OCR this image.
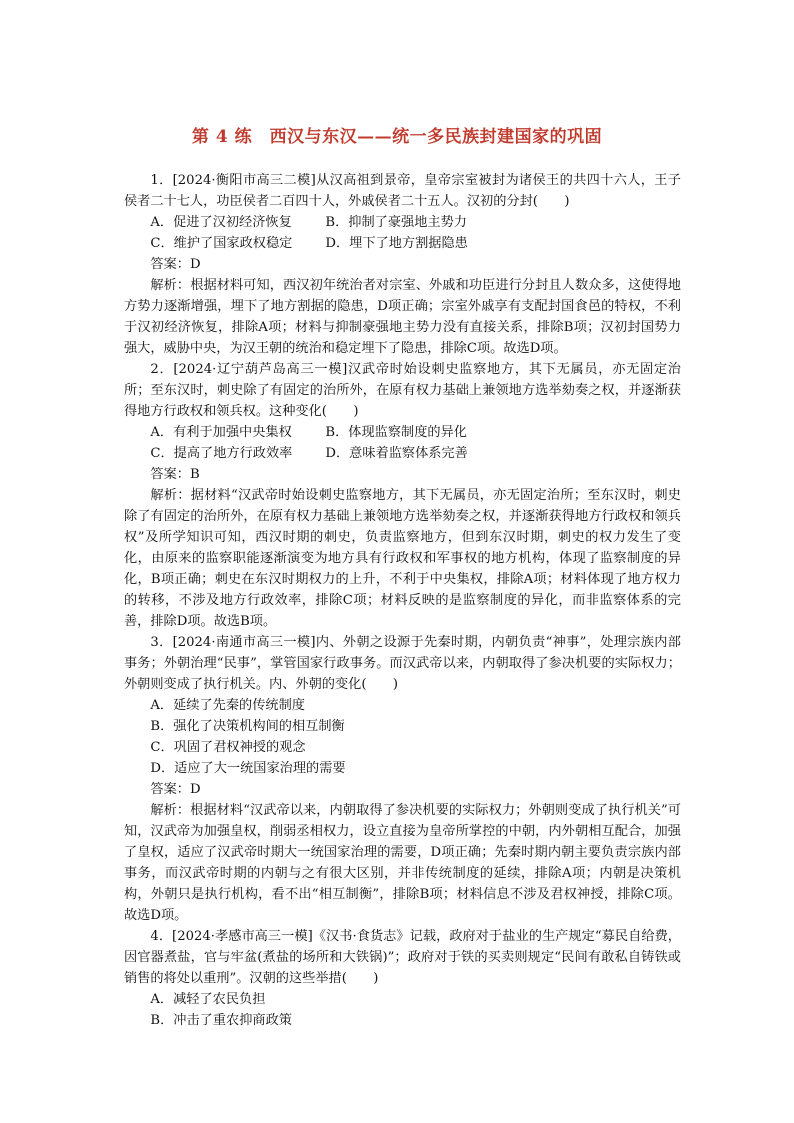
第 4 练　西汉与东汉——统一多民族封建国家的巩固

1．[2024·衡阳市高三二模]从汉高祖到景帝，皇帝宗室被封为诸侯王的共四十六人，王子侯者二十七人，功臣侯者二百四十人，外戚侯者二十五人。汉初的分封(　　)

A．促进了汉初经济恢复	B．抑制了豪强地主势力

C．维护了国家政权稳定	D．埋下了地方割据隐患

答案：D

解析：根据材料可知，西汉初年统治者对宗室、外戚和功臣进行分封且人数众多，这使得地方势力逐渐增强，埋下了地方割据的隐患，D项正确；宗室外戚享有支配封国食邑的特权，不利于汉初经济恢复，排除A项；材料与抑制豪强地主势力没有直接关系，排除B项；汉初封国势力强大，威胁中央，为汉王朝的统治和稳定埋下了隐患，排除C项。故选D项。

2．[2024·辽宁葫芦岛高三一模]汉武帝时始设刺史监察地方，其下无属员，亦无固定治所；至东汉时，刺史除了有固定的治所外，在原有权力基础上兼领地方选举劾奏之权，并逐渐获得地方行政权和领兵权。这种变化(　　)

A．有利于加强中央集权	B．体现监察制度的异化

C．提高了地方行政效率	D．意味着监察体系完善

答案：B

解析：据材料“汉武帝时始设刺史监察地方，其下无属员，亦无固定治所；至东汉时，刺史除了有固定的治所外，在原有权力基础上兼领地方选举劾奏之权，并逐渐获得地方行政权和领兵权”及所学知识可知，西汉时期的刺史，负责监察地方，但到东汉时期，刺史的权力发生了变化，由原来的监察职能逐渐演变为地方具有行政权和军事权的地方机构，体现了监察制度的异化，B项正确；刺史在东汉时期权力的上升，不利于中央集权，排除A项；材料体现了地方权力的转移，不涉及地方行政效率，排除C项；材料反映的是监察制度的异化，而非监察体系的完善，排除D项。故选B项。

3．[2024·南通市高三一模]内、外朝之设源于先秦时期，内朝负责“神事”，处理宗族内部事务；外朝治理“民事”，掌管国家行政事务。而汉武帝以来，内朝取得了参决机要的实际权力；外朝则变成了执行机关。内、外朝的变化(　　)

A．延续了先秦的传统制度

B．强化了决策机构间的相互制衡

C．巩固了君权神授的观念

D．适应了大一统国家治理的需要

答案：D

解析：根据材料“汉武帝以来，内朝取得了参决机要的实际权力；外朝则变成了执行机关”可知，汉武帝为加强皇权，削弱丞相权力，设立直接为皇帝所掌控的中朝，内外朝相互配合，加强了皇权，适应了汉武帝时期大一统国家治理的需要，D项正确；先秦时期内朝主要负责宗族内部事务，而汉武帝时期的内朝与之有很大区别，并非传统制度的延续，排除A项；内朝是决策机构，外朝只是执行机构，看不出“相互制衡”，排除B项；材料信息不涉及君权神授，排除C项。故选D项。

4．[2024·孝感市高三一模]《汉书·食货志》记载，政府对于盐业的生产规定“募民自给费，因官器煮盐，官与牢盆(煮盐的场所和大铁锅)”；政府对于铁的买卖则规定“民间有敢私自铸铁或销售的将处以重刑”。汉朝的这些举措(　　)

A．减轻了农民负担

B．冲击了重农抑商政策
